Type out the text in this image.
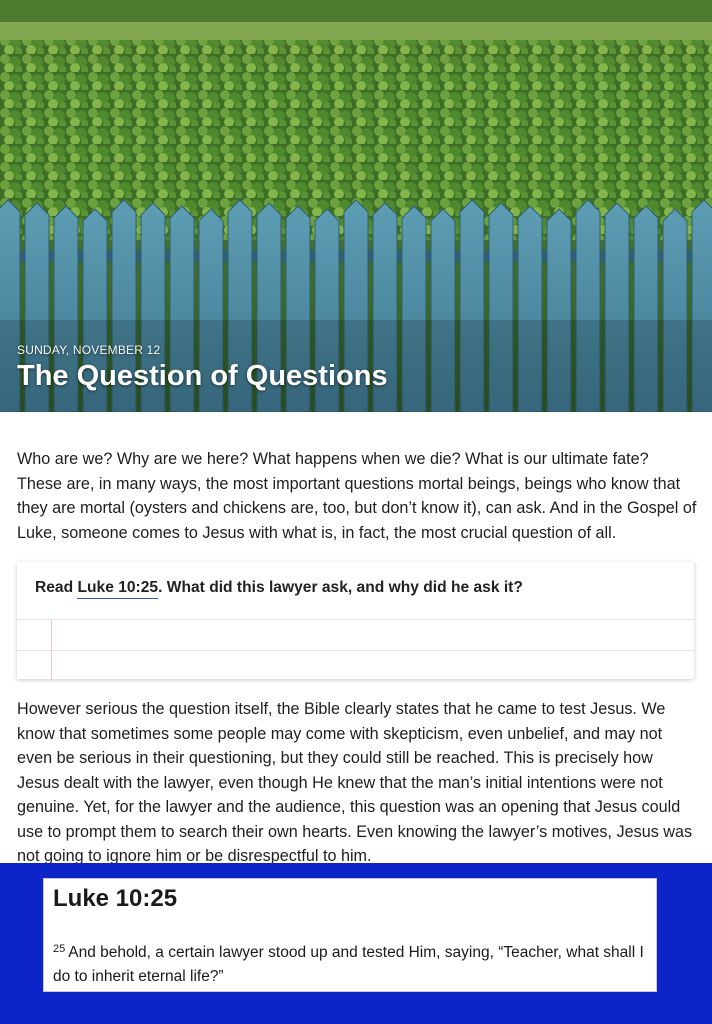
SUNDAY, NOVEMBER 12
The Question of Questions

Who are we? Why are we here? What happens when we die? What is our ultimate fate? These are, in many ways, the most important questions mortal beings, beings who know that they are mortal (oysters and chickens are, too, but don’t know it), can ask. And in the Gospel of Luke, someone comes to Jesus with what is, in fact, the most crucial question of all.

Read Luke 10:25. What did this lawyer ask, and why did he ask it?

However serious the question itself, the Bible clearly states that he came to test Jesus. We know that sometimes some people may come with skepticism, even unbelief, and may not even be serious in their questioning, but they could still be reached. This is precisely how Jesus dealt with the lawyer, even though He knew that the man’s initial intentions were not genuine. Yet, for the lawyer and the audience, this question was an opening that Jesus could use to prompt them to search their own hearts. Even knowing the lawyer’s motives, Jesus was not going to ignore him or be disrespectful to him.

Luke 10:25
$^{25}$ And behold, a certain lawyer stood up and tested Him, saying, “Teacher, what shall I do to inherit eternal life?”
